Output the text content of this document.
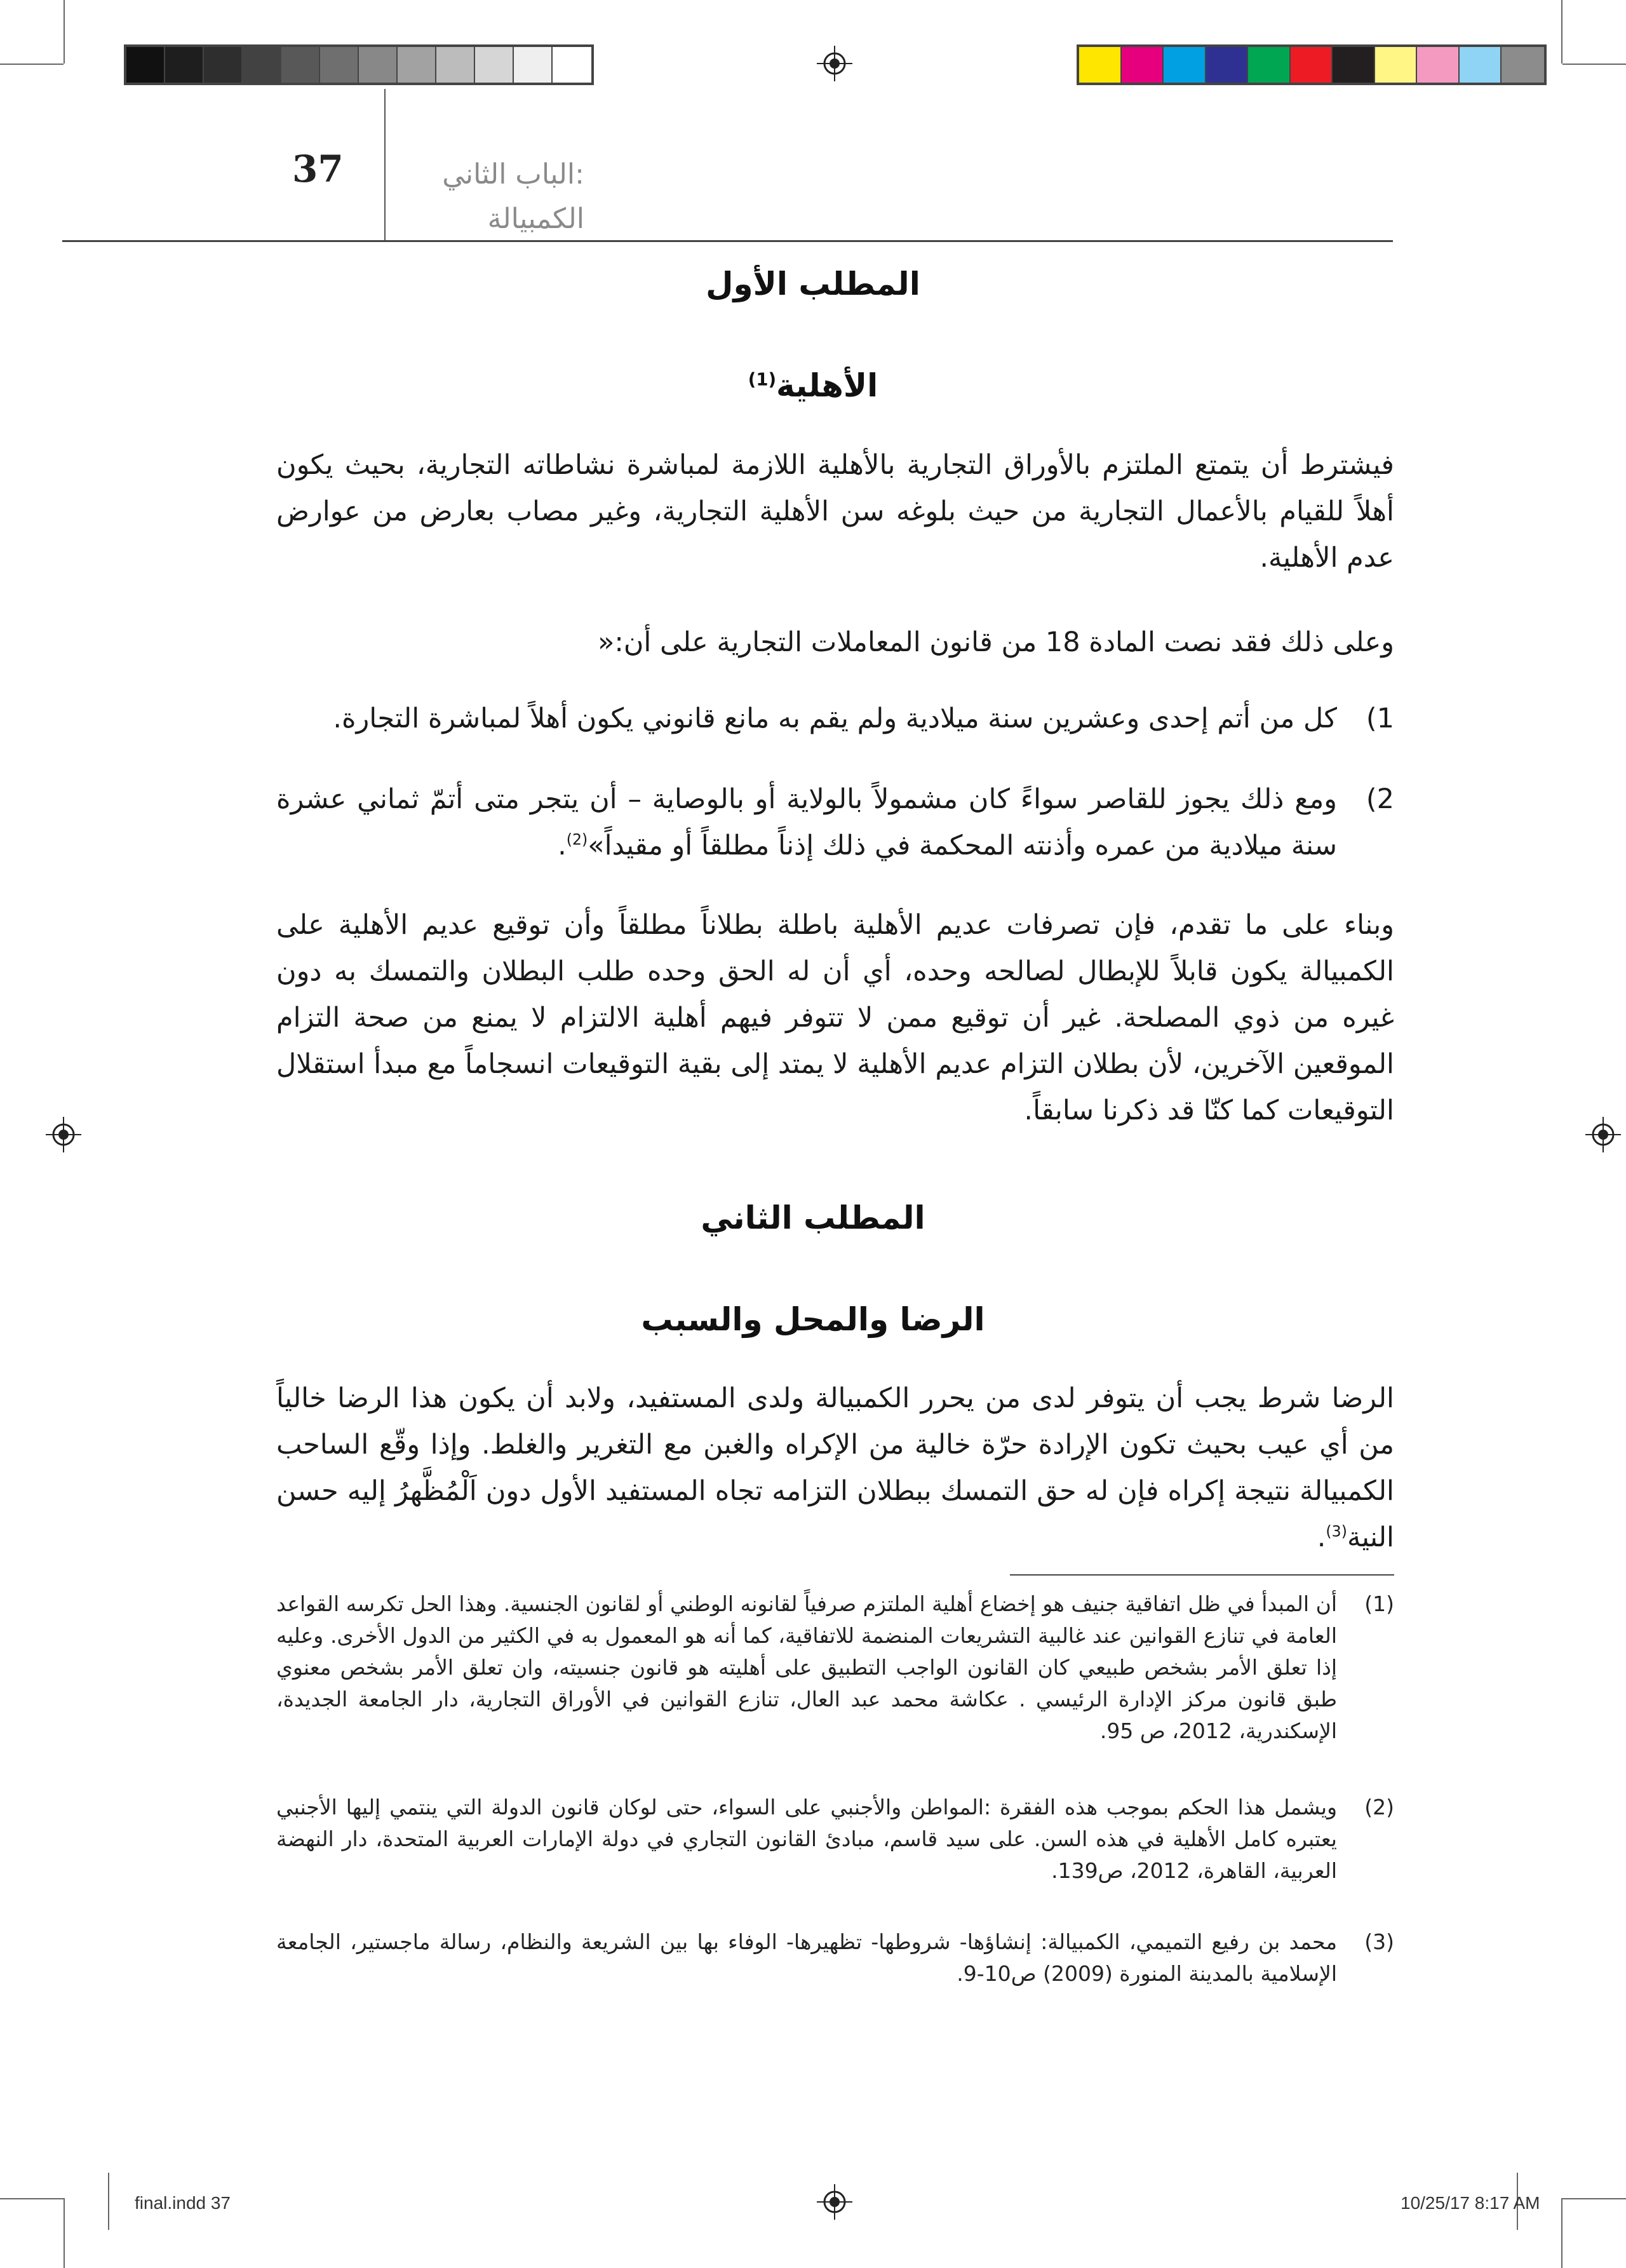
37	الباب الثاني:
الكمبيالة
المطلب الأول
الأهلية$^{(1)}$
فيشترط أن يتمتع الملتزم بالأوراق التجارية بالأهلية اللازمة لمباشرة نشاطاته التجارية، بحيث يكون أهلاً للقيام بالأعمال التجارية من حيث بلوغه سن الأهلية التجارية، وغير مصاب بعارض من عوارض عدم الأهلية.
وعلى ذلك فقد نصت المادة 18 من قانون المعاملات التجارية على أن:«
1)
كل من أتم إحدى وعشرين سنة ميلادية ولم يقم به مانع قانوني يكون أهلاً لمباشرة التجارة.
2)
ومع ذلك يجوز للقاصر سواءً كان مشمولاً بالولاية أو بالوصاية – أن يتجر متى أتمّ ثماني عشرة سنة ميلادية من عمره وأذنته المحكمة في ذلك إذناً مطلقاً أو مقيداً»$^{(2)}$.
وبناء على ما تقدم، فإن تصرفات عديم الأهلية باطلة بطلاناً مطلقاً وأن توقيع عديم الأهلية على الكمبيالة يكون قابلاً للإبطال لصالحه وحده، أي أن له الحق وحده طلب البطلان والتمسك به دون غيره من ذوي المصلحة. غير أن توقيع ممن لا تتوفر فيهم أهلية الالتزام لا يمنع من صحة التزام الموقعين الآخرين، لأن بطلان التزام عديم الأهلية لا يمتد إلى بقية التوقيعات انسجاماً مع مبدأ استقلال التوقيعات كما كنّا قد ذكرنا سابقاً.
المطلب الثاني
الرضا والمحل والسبب
الرضا شرط يجب أن يتوفر لدى من يحرر الكمبيالة ولدى المستفيد، ولابد أن يكون هذا الرضا خالياً من أي عيب بحيث تكون الإرادة حرّة خالية من الإكراه والغبن مع التغرير والغلط. وإذا وقّع الساحب الكمبيالة نتيجة إكراه فإن له حق التمسك ببطلان التزامه تجاه المستفيد الأول دون اَلْمُظَّهرُ إليه حسن النية$^{(3)}$.
(1)
أن المبدأ في ظل اتفاقية جنيف هو إخضاع أهلية الملتزم صرفياً لقانونه الوطني أو لقانون الجنسية. وهذا الحل تكرسه القواعد العامة في تنازع القوانين عند غالبية التشريعات المنضمة للاتفاقية، كما أنه هو المعمول به في الكثير من الدول الأخرى. وعليه إذا تعلق الأمر بشخص طبيعي كان القانون الواجب التطبيق على أهليته هو قانون جنسيته، وان تعلق الأمر بشخص معنوي طبق قانون مركز الإدارة الرئيسي . عكاشة محمد عبد العال، تنازع القوانين في الأوراق التجارية، دار الجامعة الجديدة، الإسكندرية، 2012، ص 95.
(2)
ويشمل هذا الحكم بموجب هذه الفقرة :المواطن والأجنبي على السواء، حتى لوكان قانون الدولة التي ينتمي إليها الأجنبي يعتبره كامل الأهلية في هذه السن. على سيد قاسم، مبادئ القانون التجاري في دولة الإمارات العربية المتحدة، دار النهضة العربية، القاهرة، 2012، ص139.
(3)
محمد بن رفيع التميمي، الكمبيالة: إنشاؤها- شروطها- تظهيرها- الوفاء بها بين الشريعة والنظام، رسالة ماجستير، الجامعة الإسلامية بالمدينة المنورة (2009) ص10-9.
final.indd 37	10/25/17 8:17 AM
